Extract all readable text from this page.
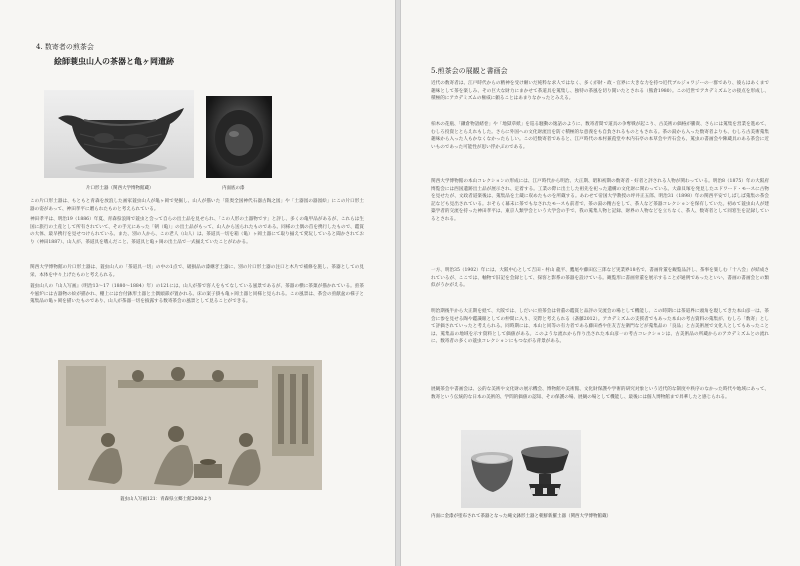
4. 数寄者の煎茶会
絵師蓑虫山人の茶器と亀ヶ岡遺跡
片口形土器（関西大学博物館蔵）	内面底の漆

この片口形土器は、もともと青森を放浪した画家蓑虫山人が亀ヶ岡で発掘し、山人が描いた「陸奥全国神代石器古陶之図」や「土器図の器図絵」にこの片口形土器の姿があって、神田孝平に贈られたものと考えられている。

神田孝平は、明治19（1886）年夏、青森県浪岡で蓑虫と会って自らの出土品を見せられ、「この人形の土器物です」と評し、多くの亀甲品があるが、これらは生国に旅行の土産として所有されていて、その手元にあった「朝（亀）」の出土品がもって、山人から送られたものである。同様の土偶の首を携行したもので、鑑賞の大体、最早携行を見せつけられている。また、別の人から、この老人（山人）は、茶道具一切を箱（亀）ヶ岡土器にて取り揃えて愛玩していると聞かされており（神田1887）、山人が、茶道具を嗜んだこと、茶道具と亀ヶ岡の出土品で一式揃えていたことがわかる。

関西大学博物館の片口形土器は、蓑虫山人の「茶道具一切」の中の1点で、破損品の漆継ぎ土器に、別の片口形土器の注口と木片で補修を施し、茶器としての見栄、本体を中々上げたものと考えられる。

蓑虫山人の『山人写画』（明治13〜17（1880〜1884）年）の121には、山人が茶で客人をもてなしている風景であるが、茶器の横に茶菓が描かれている。煎茶や風炉には古器物の絵が描かれ、棚上には台付鉢形土器と土偶頭部が置かれる。床の案子掛も亀ヶ岡土器と同様と見られる。この風景は、茶会の煎献盆の様子と蒐集品の亀ヶ岡を描いたものであり、山人が茶器一切を披露する数寄茶会の風景として見ることができる。

蓑虫山人写画121：青森県立郷土館2008より
5.煎茶会の展観と書画会

近代の数寄者は、江戸時代からの精神を受け継いだ純粋な求人ではなく、多くが財・政・官界に大きな力を持つ近代ブルジョワジーの一群であり、彼らはあくまで趣味として茶を楽しみ、その巨大な財力にまかせて茶道具を蒐集し、独特の茶風を切り開いたとされる（熊倉1980）。この近世でアカデミズムとの接点を形成し、積極的にアカデミズムの権威に頼ることはあまりなかったとみえる。

柏木の花瓶、「鎌倉物語緒巻」や「地獄草紙」を巡る騒動の逸話のように、数寄者間で道具の争奪戦が起こり、古美術の価格が騰貴、さらには蒐集を営業を進めて、むしろ投資ととらえれもした。さらに外国への文化財流出を防ぐ積極的な意義をも自負されるものともされる。茶の湯から入った数寄者よりも、むしろ古美術蒐集趣味から入った人もかなくなかったらしい。この近数寄者であると、江戸時代の本村兼葭堂や木内石亭の本草会や弄石会も、蒐虫の書画会や陳蔵具のある茶会に近いものであった可能性が思い浮かぶのである。

関西大学博物館の本山コレクションの形成には、江戸時代から明治、大正期、昭和初期の数寄者・好者と評される人物が関わっている。明治8（1875）年の大阪府博覧会には西国遺跡出土品が展示され、定着する。工業の際に出土した祖先を祀った遺構の文化財に関わっている。大森貝塚を発見したエドワード・モースに古物を見せたが、文政者道楽後は、蒐集品を土蔵に収めたものを所蔵する。あわせて帝国大学教授の坪井正五郎、明治31（1898）年の関西平安でしばしば蒐集の茶会記なども見出されている。おそらく幕末に茶でもなされたモースも前者で、茶の湯の精古をして、茶人など茶器コレクションを保有していた。初めて蓑虫山人が建築学者的交流を持った神田孝平は、東京人類学会という大学会の手で、我の蒐集人物と記録、財界の人物などを立ちなく、茶人、数寄者として同窓生を記録しているとされる。

一方、明治35（1902）年には、大阪中心として吉田・村山 龍平、鷹尾や藤田伝三郎など実業界18名で、書画骨董を観覧品評し、茶事を楽しむ「十八会」が結成されているが、ここでは、軸物で旧記を会録として、探客と影系の茶器を設けている。観覧形に書画骨董を展示することが通例であったといい、書画の書画会との類似がうかがえる。

明治期後半から大正期を経て、大阪では、しだいに煎茶会は骨董の鑑賞と品評の交流会の場として機能し、この時期には茶道界に頭角を現してきた本山彦一は、茶会に参を見せる陶や鑑識眼としての仲間に入り、交際と考えられる（斎藤2012）。アカデミズムの支援者でもあった本山の考古資料の蒐集が、むしろ「数寄」として評価されていったと考えられる。同時期には、本山と同等の有力者である藤田香や住友吉左衛門などが蒐集品の「良品」と古美術展で文化人としてもあったことは、蒐集品の地域を示す資料として価値がある。このような流れから作り出された本山彦一の考古コレクションは、古美術品の所蔵からのアカデミズムとの流れに、数寄者の多くの蓑虫コレクションにもつながる背景がある。

展観茶会や書画会は、公的な美術や文化財の展示機会、博物館や美術館、文化財保護や学術的研究対象という近代的な制度や秩序のなかった時代や地域にあって、数寄という伝統的な日本の美術的、学問的価値の認知、その保護の場、展観の場として機能し、最後には個人博物館まで昇華したと感じられる。

内面に金漆が塗布されて茶器となった縄文鉢形土器と朝鮮新羅土器（関西大学博物館蔵）
